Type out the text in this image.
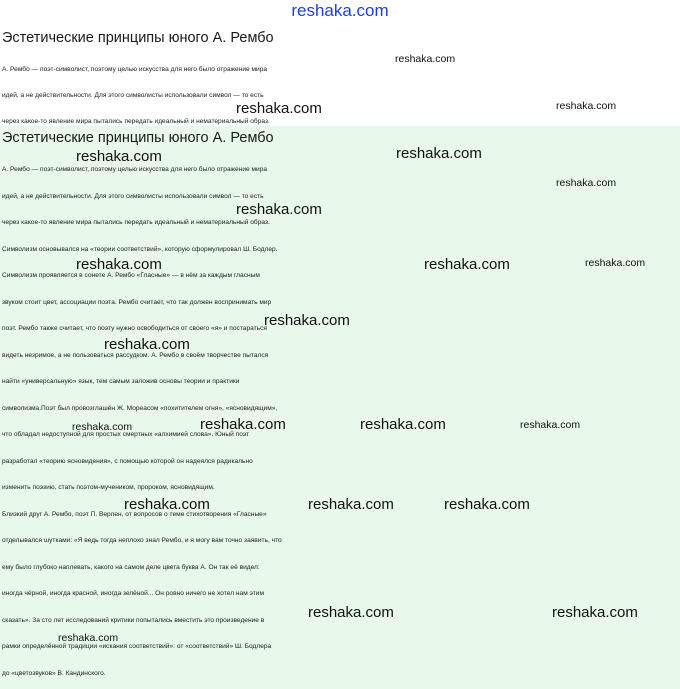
reshaka.com
Эстетические принципы юного А. Рембо
А. Рембо — поэт-символист, поэтому целью искусства для него было отражение мира
идей, а не действительности. Для этого символисты использовали символ — то есть
через какое-то явление мира пытались передать идеальный и нематериальный образ.
reshaka.com
reshaka.com	reshaka.com
Эстетические принципы юного А. Рембо

А. Рембо — поэт-символист, поэтому целью искусства для него было отражение мира
идей, а не действительности. Для этого символисты использовали символ — то есть
через какое-то явление мира пытались передать идеальный и нематериальный образ.
Символизм основывался на «теории соответствий», которую сформулировал Ш. Бодлер.
Символизм проявляется в сонете А. Рембо «Гласные» — в нём за каждым гласным
звуком стоит цвет, ассоциации поэта. Рембо считает, что так должен воспринимать мир
поэт. Рембо также считает, что поэту нужно освободиться от своего «я» и постараться
видеть незримое, а не пользоваться рассудком. А. Рембо в своём творчестве пытался
найти «универсальную» язык, тем самым заложив основы теории и практики
символизма.Поэт был провозглашён Ж. Мореасом «похитителем огня», «ясновидящим»,
что обладал недоступной для простых смертных «алхимией слова». Юный поэт
разработал «теорию ясновидения», с помощью которой он надеялся радикально
изменить поэзию, стать поэтом-мучеником, пророком, ясновидящим.

Близкий друг А. Рембо, поэт П. Верлен, от вопросов о теме стихотворения «Гласные»
отделывался шутками: «Я ведь тогда неплохо знал Рембо, и я могу вам точно заявить, что
ему было глубоко наплевать, какого на самом деле цвета буква А. Он так её видел:
иногда чёрной, иногда красной, иногда зелёной... Он ровно ничего не хотел нам этим
сказать». За сто лет исследований критики попытались вместить это произведение в
рамки определённой традиции «искания соответствий»: от «соответствий» Ш. Бодлера
до «цветозвуков» В. Кандинского.

reshaka.com	reshaka.com
reshaka.com
reshaka.com
reshaka.com	reshaka.com	reshaka.com
reshaka.com
reshaka.com
reshaka.com	reshaka.com	reshaka.com	reshaka.com
reshaka.com	reshaka.com	reshaka.com
reshaka.com	reshaka.com
reshaka.com
